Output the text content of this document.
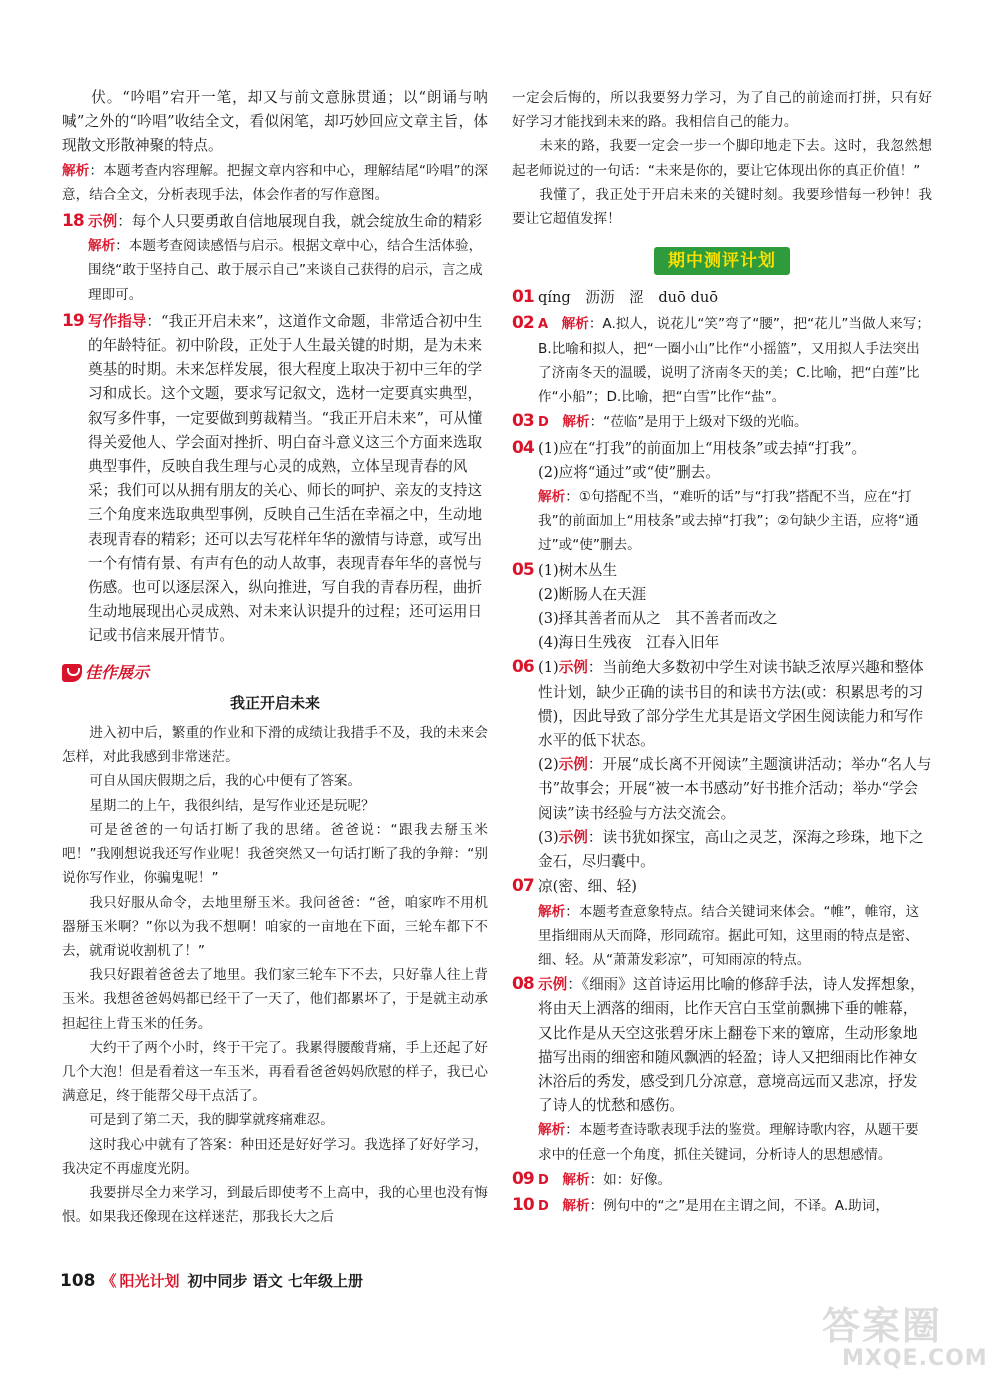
伏。“吟唱”宕开一笔，却又与前文意脉贯通；以“朗诵与呐喊”之外的“吟唱”收结全文，看似闲笔，却巧妙回应文章主旨，体现散文形散神聚的特点。

解析：本题考查内容理解。把握文章内容和中心，理解结尾“吟唱”的深意，结合全文，分析表现手法，体会作者的写作意图。

18 示例：每个人只要勇敢自信地展现自我，就会绽放生命的精彩

解析：本题考查阅读感悟与启示。根据文章中心，结合生活体验，围绕“敢于坚持自己、敢于展示自己”来谈自己获得的启示，言之成理即可。

19 写作指导：“我正开启未来”，这道作文命题，非常适合初中生的年龄特征。初中阶段，正处于人生最关键的时期，是为未来奠基的时期。未来怎样发展，很大程度上取决于初中三年的学习和成长。这个文题，要求写记叙文，选材一定要真实典型，叙写多件事，一定要做到剪裁精当。“我正开启未来”，可从懂得关爱他人、学会面对挫折、明白奋斗意义这三个方面来选取典型事件，反映自我生理与心灵的成熟，立体呈现青春的风采；我们可以从拥有朋友的关心、师长的呵护、亲友的支持这三个角度来选取典型事例，反映自己生活在幸福之中，生动地表现青春的精彩；还可以去写花样年华的激情与诗意，或写出一个有情有景、有声有色的动人故事，表现青春年华的喜悦与伤感。也可以逐层深入，纵向推进，写自我的青春历程，曲折生动地展现出心灵成熟、对未来认识提升的过程；还可运用日记或书信来展开情节。

佳作展示
我正开启未来

进入初中后，繁重的作业和下滑的成绩让我措手不及，我的未来会怎样，对此我感到非常迷茫。

可自从国庆假期之后，我的心中便有了答案。

星期二的上午，我很纠结，是写作业还是玩呢？

可是爸爸的一句话打断了我的思绪。爸爸说：“跟我去掰玉米吧！”我刚想说我还写作业呢！我爸突然又一句话打断了我的争辩：“别说你写作业，你骗鬼呢！”

我只好服从命令，去地里掰玉米。我问爸爸：“爸，咱家咋不用机器掰玉米啊？”你以为我不想啊！咱家的一亩地在下面，三轮车都下不去，就甭说收割机了！”

我只好跟着爸爸去了地里。我们家三轮车下不去，只好靠人往上背玉米。我想爸爸妈妈都已经干了一天了，他们都累坏了，于是就主动承担起往上背玉米的任务。

大约干了两个小时，终于干完了。我累得腰酸背痛，手上还起了好几个大泡！但是看着这一车玉米，再看看爸爸妈妈欣慰的样子，我已心满意足，终于能帮父母干点活了。

可是到了第二天，我的脚掌就疼痛难忍。

这时我心中就有了答案：种田还是好好学习。我选择了好好学习，我决定不再虚度光阴。

我要拼尽全力来学习，到最后即使考不上高中，我的心里也没有悔恨。如果我还像现在这样迷茫，那我长大之后

一定会后悔的，所以我要努力学习，为了自己的前途而打拼，只有好好学习才能找到未来的路。我相信自己的能力。

未来的路，我要一定会一步一个脚印地走下去。这时，我忽然想起老师说过的一句话：“未来是你的，要让它体现出你的真正价值！”

我懂了，我正处于开启未来的关键时刻。我要珍惜每一秒钟！我要让它超值发挥！

期中测评计划

01 qíng　沥沥　涩　duō duō

02 A　 解析：A.拟人，说花儿“笑”弯了“腰”，把“花儿”当做人来写；B.比喻和拟人，把“一圈小山”比作“小摇篮”，又用拟人手法突出了济南冬天的温暖，说明了济南冬天的美；C.比喻，把“白莲”比作“小船”；D.比喻，把“白雪”比作“盐”。

03 D　 解析：“莅临”是用于上级对下级的光临。

04 (1)应在“打我”的前面加上“用枝条”或去掉“打我”。

(2)应将“通过”或“使”删去。

解析：①句搭配不当，“难听的话”与“打我”搭配不当，应在“打我”的前面加上“用枝条”或去掉“打我”；②句缺少主语，应将“通过”或“使”删去。

05 (1)树木丛生

(2)断肠人在天涯

(3)择其善者而从之　其不善者而改之

(4)海日生残夜　江春入旧年

06 (1)示例：当前绝大多数初中学生对读书缺乏浓厚兴趣和整体性计划，缺少正确的读书目的和读书方法(或：积累思考的习惯)，因此导致了部分学生尤其是语文学困生阅读能力和写作水平的低下状态。

(2)示例：开展“成长离不开阅读”主题演讲活动；举办“名人与书”故事会；开展“被一本书感动”好书推介活动；举办“学会阅读”读书经验与方法交流会。

(3)示例：读书犹如探宝，高山之灵芝，深海之珍珠，地下之金石，尽归囊中。

07 凉(密、细、轻)

解析：本题考查意象特点。结合关键词来体会。“帷”，帷帘，这里指细雨从天而降，形同疏帘。据此可知，这里雨的特点是密、细、轻。从“萧萧发彩凉”，可知雨凉的特点。

08 示例：《细雨》这首诗运用比喻的修辞手法，诗人发挥想象，将由天上洒落的细雨，比作天宫白玉堂前飘拂下垂的帷幕，又比作是从天空这张碧牙床上翻卷下来的簟席，生动形象地描写出雨的细密和随风飘洒的轻盈；诗人又把细雨比作神女沐浴后的秀发，感受到几分凉意，意境高远而又悲凉，抒发了诗人的忧愁和感伤。

解析：本题考查诗歌表现手法的鉴赏。理解诗歌内容，从题干要求中的任意一个角度，抓住关键词，分析诗人的思想感情。

09 D　 解析：如：好像。

10 D　 解析：例句中的“之”是用在主谓之间，不译。A.助词，

108 《 阳光计划 初中同步 语文 七年级上册
答案圈
MXQE.COM
